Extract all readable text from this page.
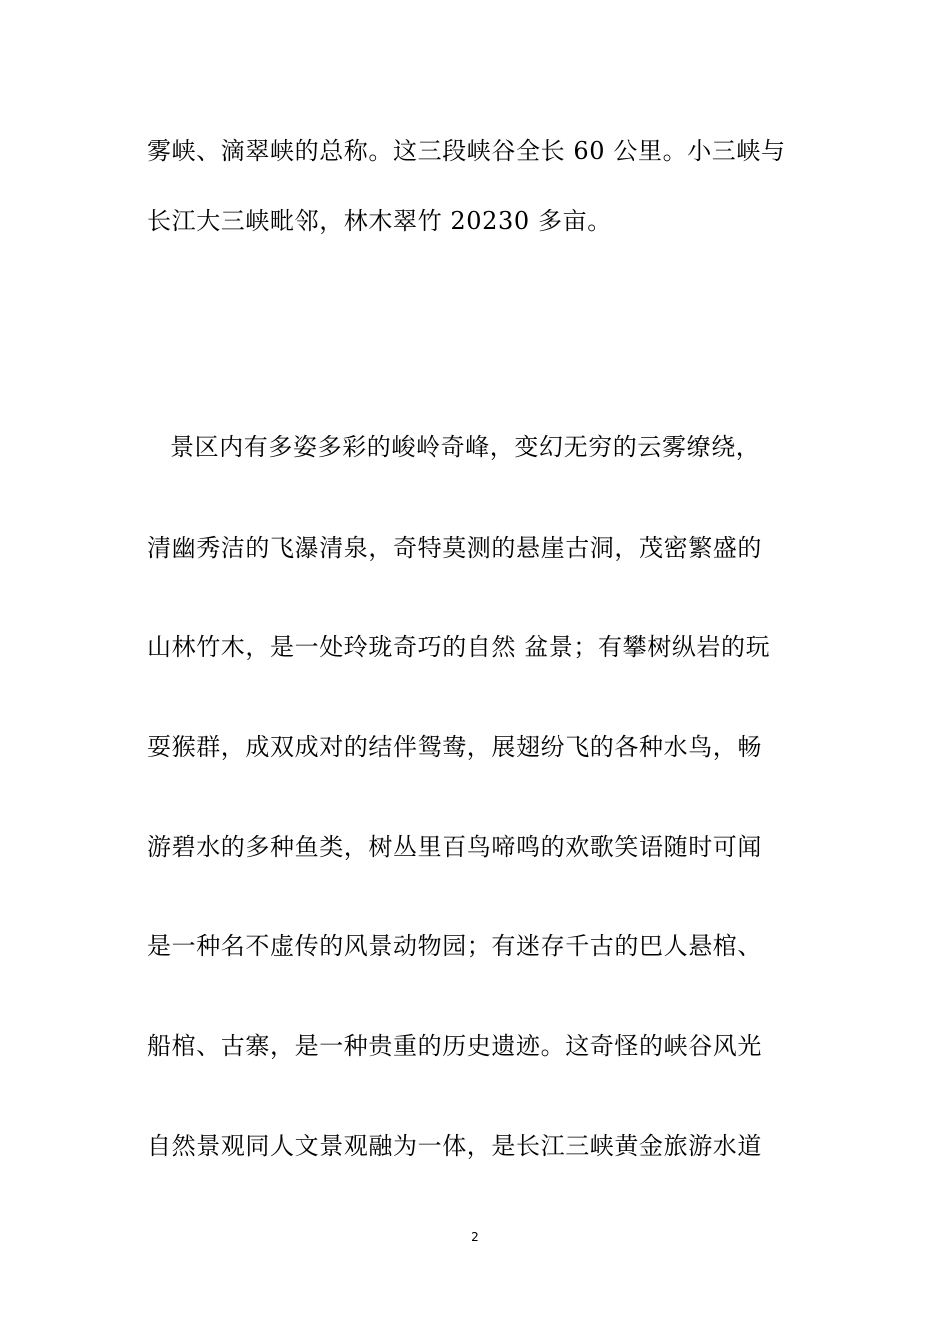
雾峡、滴翠峡的总称。这三段峡谷全长 60 公里。小三峡与
长江大三峡毗邻，林木翠竹 20230 多亩。
景区内有多姿多彩的峻岭奇峰，变幻无穷的云雾缭绕，
清幽秀洁的飞瀑清泉，奇特莫测的悬崖古洞，茂密繁盛的
山林竹木，是一处玲珑奇巧的自然 盆景；有攀树纵岩的玩
耍猴群，成双成对的结伴鸳鸯，展翅纷飞的各种水鸟，畅
游碧水的多种鱼类，树丛里百鸟啼鸣的欢歌笑语随时可闻
是一种名不虚传的风景动物园；有迷存千古的巴人悬棺、
船棺、古寨，是一种贵重的历史遗迹。这奇怪的峡谷风光
自然景观同人文景观融为一体，是长江三峡黄金旅游水道
2
